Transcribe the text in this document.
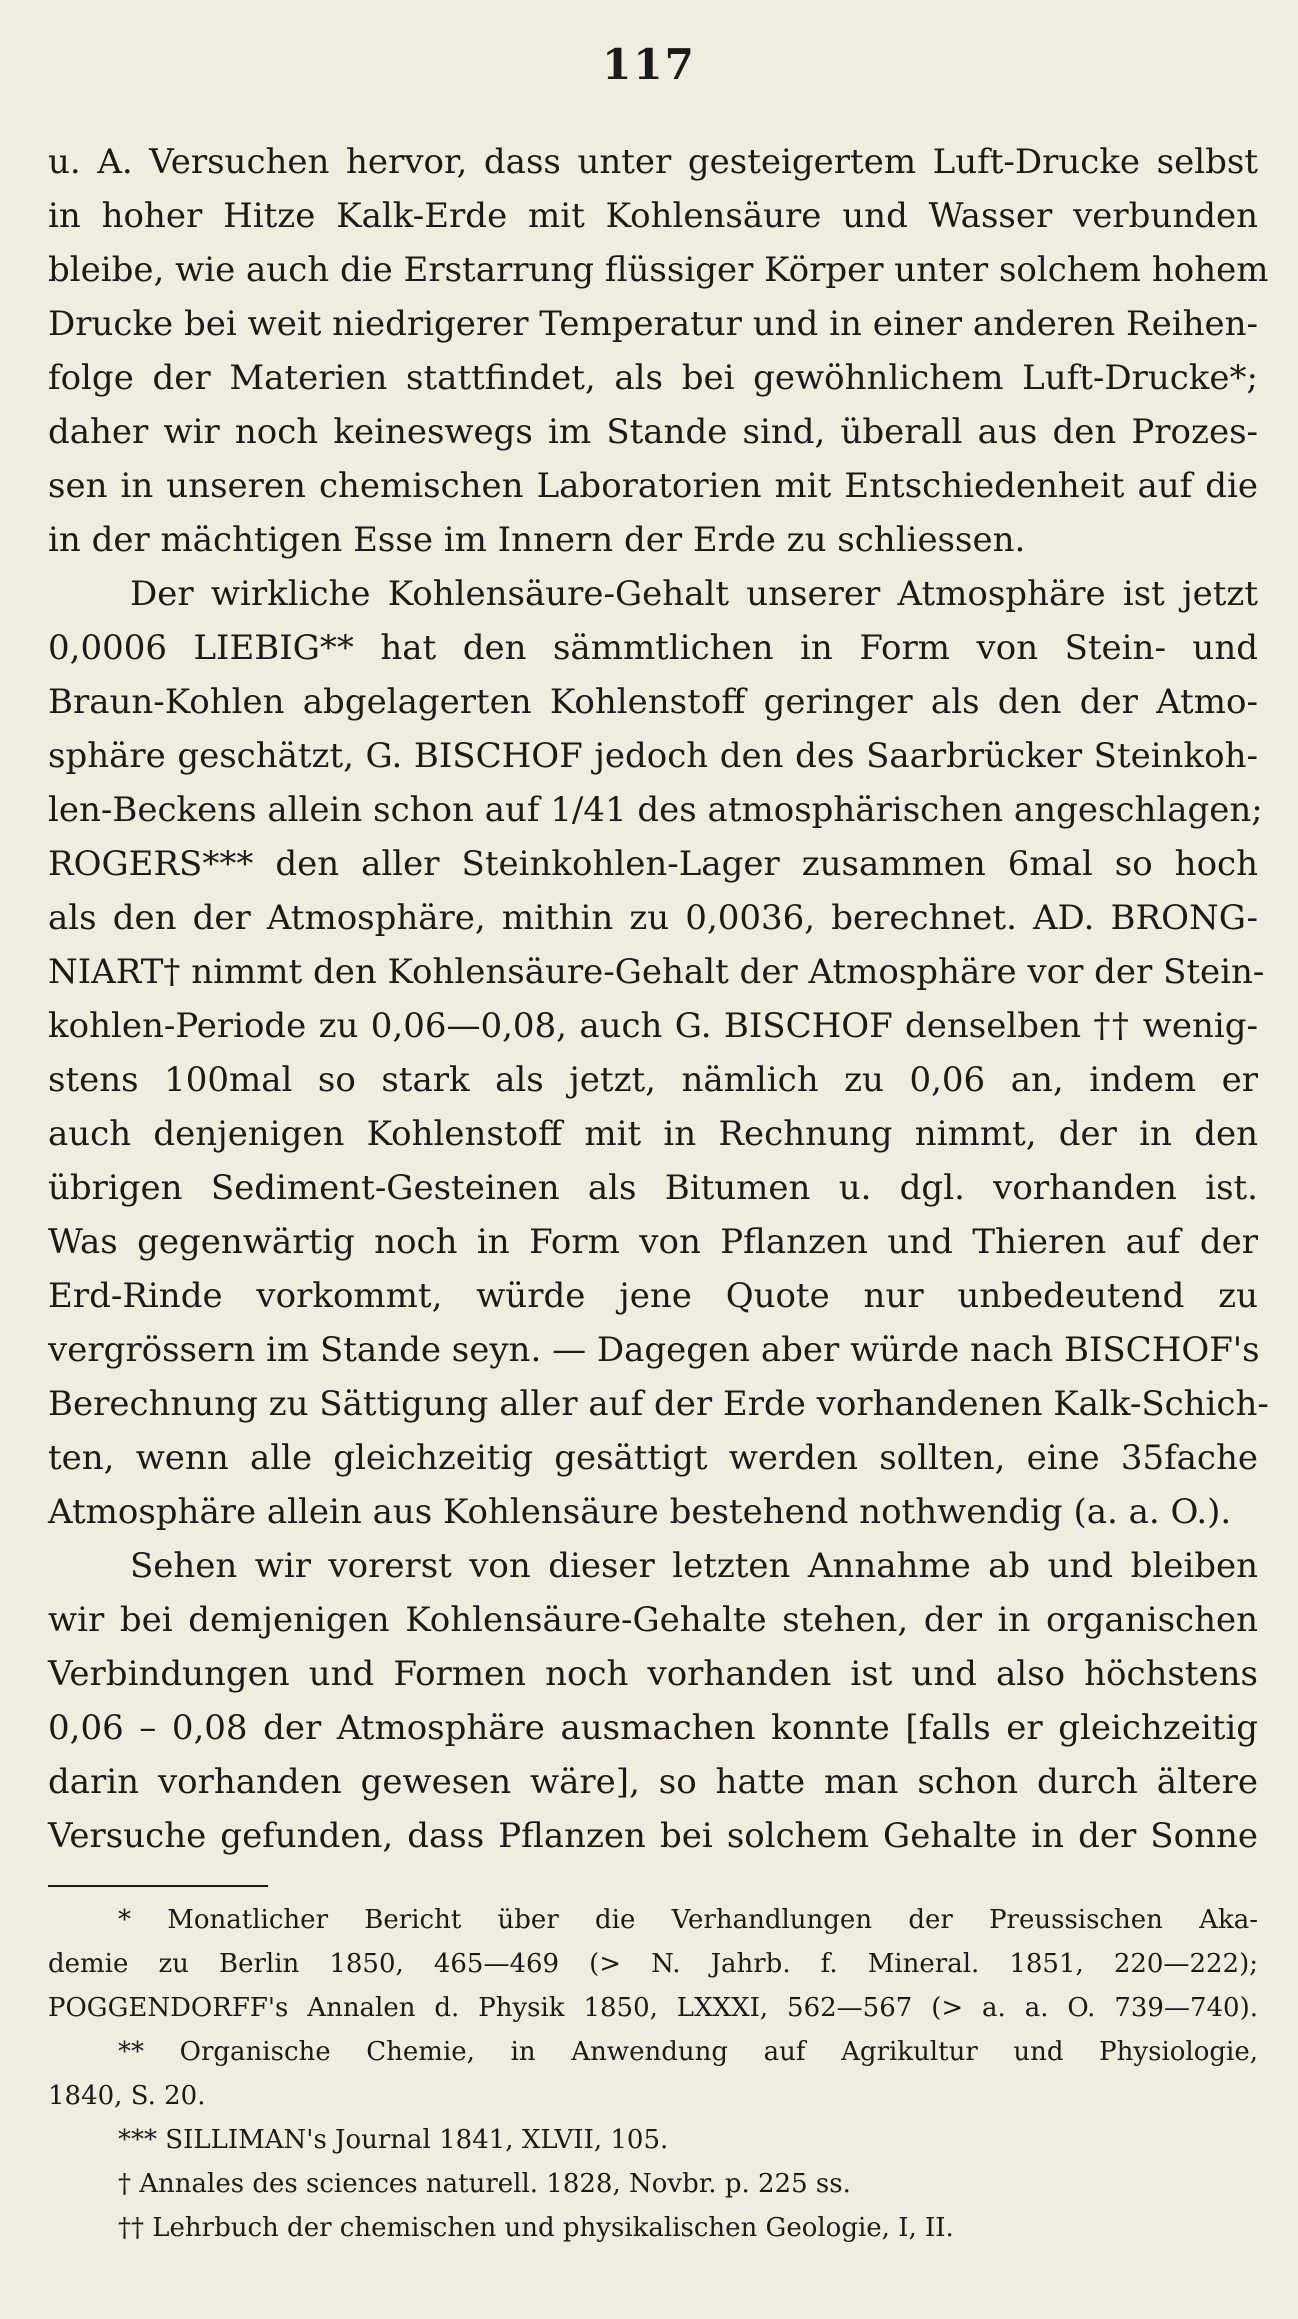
117
u. A. Versuchen hervor, dass unter gesteigertem Luft-Drucke selbst
in hoher Hitze Kalk-Erde mit Kohlensäure und Wasser verbunden
bleibe, wie auch die Erstarrung flüssiger Körper unter solchem hohem
Drucke bei weit niedrigerer Temperatur und in einer anderen Reihen-
folge der Materien stattfindet, als bei gewöhnlichem Luft-Drucke*;
daher wir noch keineswegs im Stande sind, überall aus den Prozes-
sen in unseren chemischen Laboratorien mit Entschiedenheit auf die
in der mächtigen Esse im Innern der Erde zu schliessen.
Der wirkliche Kohlensäure-Gehalt unserer Atmosphäre ist jetzt
0,0006 LIEBIG** hat den sämmtlichen in Form von Stein- und
Braun-Kohlen abgelagerten Kohlenstoff geringer als den der Atmo-
sphäre geschätzt, G. BISCHOF jedoch den des Saarbrücker Steinkoh-
len-Beckens allein schon auf 1/41 des atmosphärischen angeschlagen;
ROGERS*** den aller Steinkohlen-Lager zusammen 6mal so hoch
als den der Atmosphäre, mithin zu 0,0036, berechnet. AD. BRONG-
NIART† nimmt den Kohlensäure-Gehalt der Atmosphäre vor der Stein-
kohlen-Periode zu 0,06—0,08, auch G. BISCHOF denselben †† wenig-
stens 100mal so stark als jetzt, nämlich zu 0,06 an, indem er
auch denjenigen Kohlenstoff mit in Rechnung nimmt, der in den
übrigen Sediment-Gesteinen als Bitumen u. dgl. vorhanden ist.
Was gegenwärtig noch in Form von Pflanzen und Thieren auf der
Erd-Rinde vorkommt, würde jene Quote nur unbedeutend zu
vergrössern im Stande seyn. — Dagegen aber würde nach BISCHOF's
Berechnung zu Sättigung aller auf der Erde vorhandenen Kalk-Schich-
ten, wenn alle gleichzeitig gesättigt werden sollten, eine 35fache
Atmosphäre allein aus Kohlensäure bestehend nothwendig (a. a. O.).
Sehen wir vorerst von dieser letzten Annahme ab und bleiben
wir bei demjenigen Kohlensäure-Gehalte stehen, der in organischen
Verbindungen und Formen noch vorhanden ist und also höchstens
0,06 – 0,08 der Atmosphäre ausmachen konnte [falls er gleichzeitig
darin vorhanden gewesen wäre], so hatte man schon durch ältere
Versuche gefunden, dass Pflanzen bei solchem Gehalte in der Sonne
* Monatlicher Bericht über die Verhandlungen der Preussischen Aka-
demie zu Berlin 1850, 465—469 (> N. Jahrb. f. Mineral. 1851, 220—222);
POGGENDORFF's Annalen d. Physik 1850, LXXXI, 562—567 (> a. a. O. 739—740).
** Organische Chemie, in Anwendung auf Agrikultur und Physiologie,
1840, S. 20.
*** SILLIMAN's Journal 1841, XLVII, 105.
† Annales des sciences naturell. 1828, Novbr. p. 225 ss.
†† Lehrbuch der chemischen und physikalischen Geologie, I, II.
